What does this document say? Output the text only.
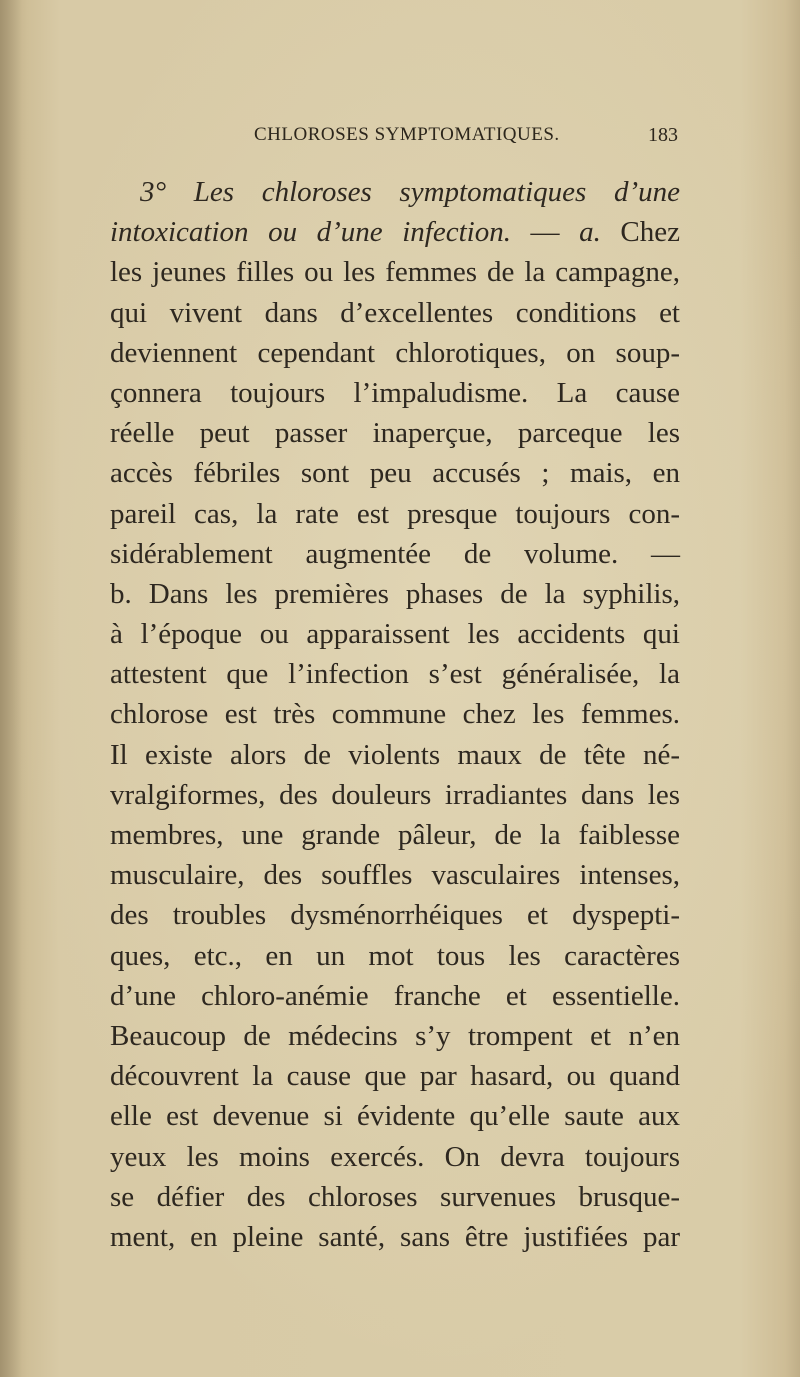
CHLOROSES SYMPTOMATIQUES.	183
3° Les chloroses symptomatiques d’une
intoxication ou d’une infection. — a. Chez
les jeunes filles ou les femmes de la campagne,
qui vivent dans d’excellentes conditions et
deviennent cependant chlorotiques, on soup-
çonnera toujours l’impaludisme. La cause
réelle peut passer inaperçue, parceque les
accès fébriles sont peu accusés ; mais, en
pareil cas, la rate est presque toujours con-
sidérablement augmentée de volume. —
b. Dans les premières phases de la syphilis,
à l’époque ou apparaissent les accidents qui
attestent que l’infection s’est généralisée, la
chlorose est très commune chez les femmes.
Il existe alors de violents maux de tête né-
vralgiformes, des douleurs irradiantes dans les
membres, une grande pâleur, de la faiblesse
musculaire, des souffles vasculaires intenses,
des troubles dysménorrhéiques et dyspepti-
ques, etc., en un mot tous les caractères
d’une chloro-anémie franche et essentielle.
Beaucoup de médecins s’y trompent et n’en
découvrent la cause que par hasard, ou quand
elle est devenue si évidente qu’elle saute aux
yeux les moins exercés. On devra toujours
se défier des chloroses survenues brusque-
ment, en pleine santé, sans être justifiées par
